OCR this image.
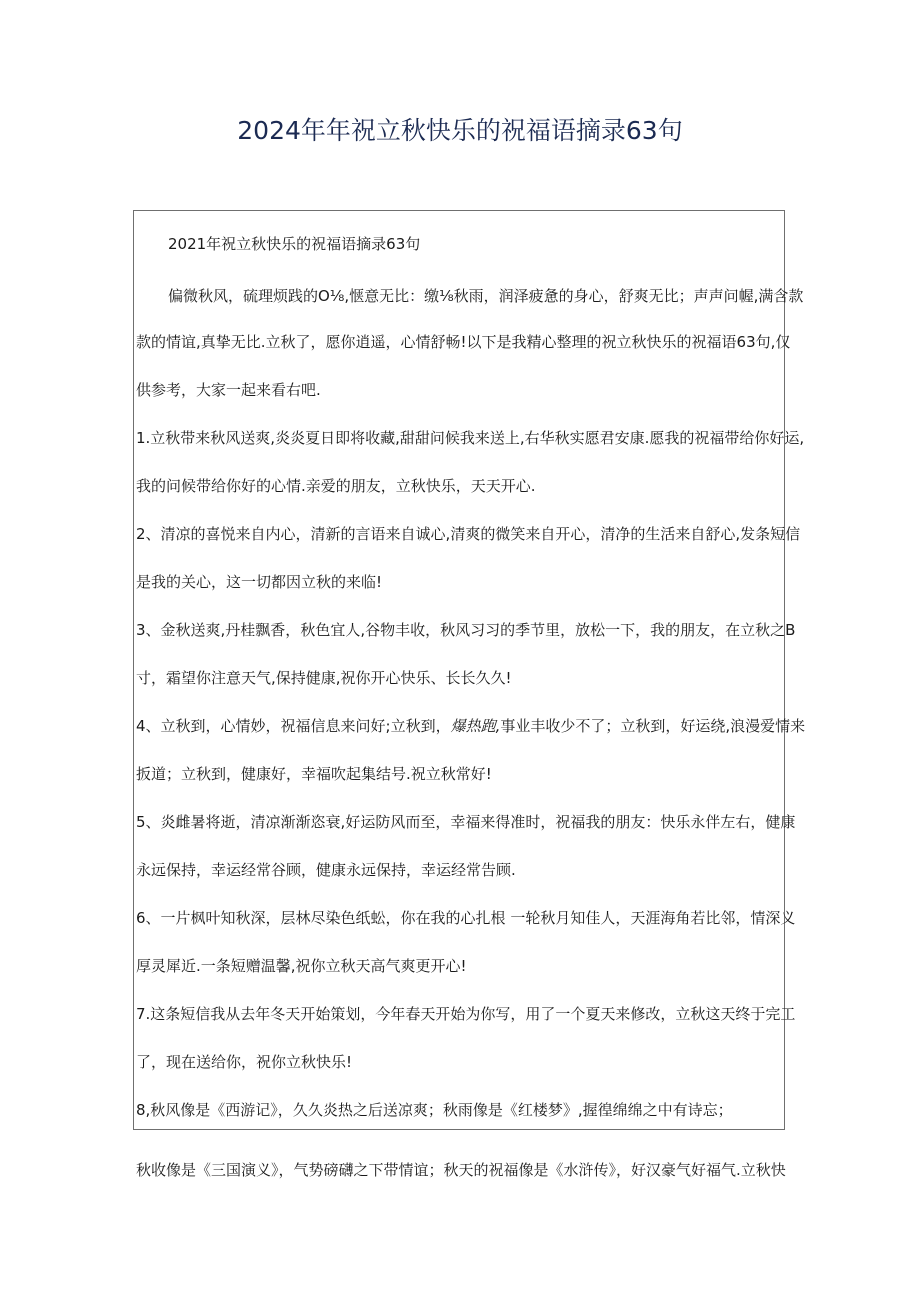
2024年年祝立秋快乐的祝福语摘录63句
2021年祝立秋快乐的祝福语摘录63句
偏微秋风，硫理烦践的O⅛,惬意无比：缴⅛秋雨，润泽疲惫的身心，舒爽无比；声声问幄,满含款
款的情谊,真挚无比.立秋了，愿你逍遥，心情舒畅!以下是我精心整理的祝立秋快乐的祝福语63句,仅
供参考，大家一起来看右吧.
1.立秋带来秋风送爽,炎炎夏日即将收藏,甜甜问候我来送上,右华秋实愿君安康.愿我的祝福带给你好运,
我的问候带给你好的心情.亲爱的朋友，立秋快乐，天天开心.
2、清凉的喜悦来自内心，清新的言语来自诚心,清爽的微笑来自开心，清净的生活来自舒心,发条短信
是我的关心，这一切都因立秋的来临!
3、金秋送爽,丹桂飘香，秋色宜人,谷物丰收，秋风习习的季节里，放松一下，我的朋友，在立秋之B
寸，霜望你注意天气,保持健康,祝你开心快乐、长长久久!
4、立秋到，心情妙，祝福信息来问好;立秋到，爆热跑,事业丰收少不了；立秋到，好运绕,浪漫爱情来
扳道；立秋到，健康好，幸福吹起集结号.祝立秋常好!
5、炎雌暑将逝，清凉渐渐恣衰,好运防风而至，幸福来得准时，祝福我的朋友：快乐永伴左右，健康
永远保持，幸运经常谷顾，健康永远保持，幸运经常告顾.
6、一片枫叶知秋深，层林尽染色纸蚣，你在我的心扎根 一轮秋月知佳人，天涯海角若比邻，情深义
厚灵犀近.一条短赠温馨,祝你立秋天高气爽更开心!
7.这条短信我从去年冬天开始策划，今年春天开始为你写，用了一个夏天来修改，立秋这天终于完工
了，现在送给你，祝你立秋快乐!
8,秋风像是《西游记》，久久炎热之后送凉爽；秋雨像是《红楼梦》,握徨绵绵之中有诗忘；
秋收像是《三国演义》，气势磅礴之下带情谊；秋天的祝福像是《水浒传》，好汉豪气好福气.立秋快
